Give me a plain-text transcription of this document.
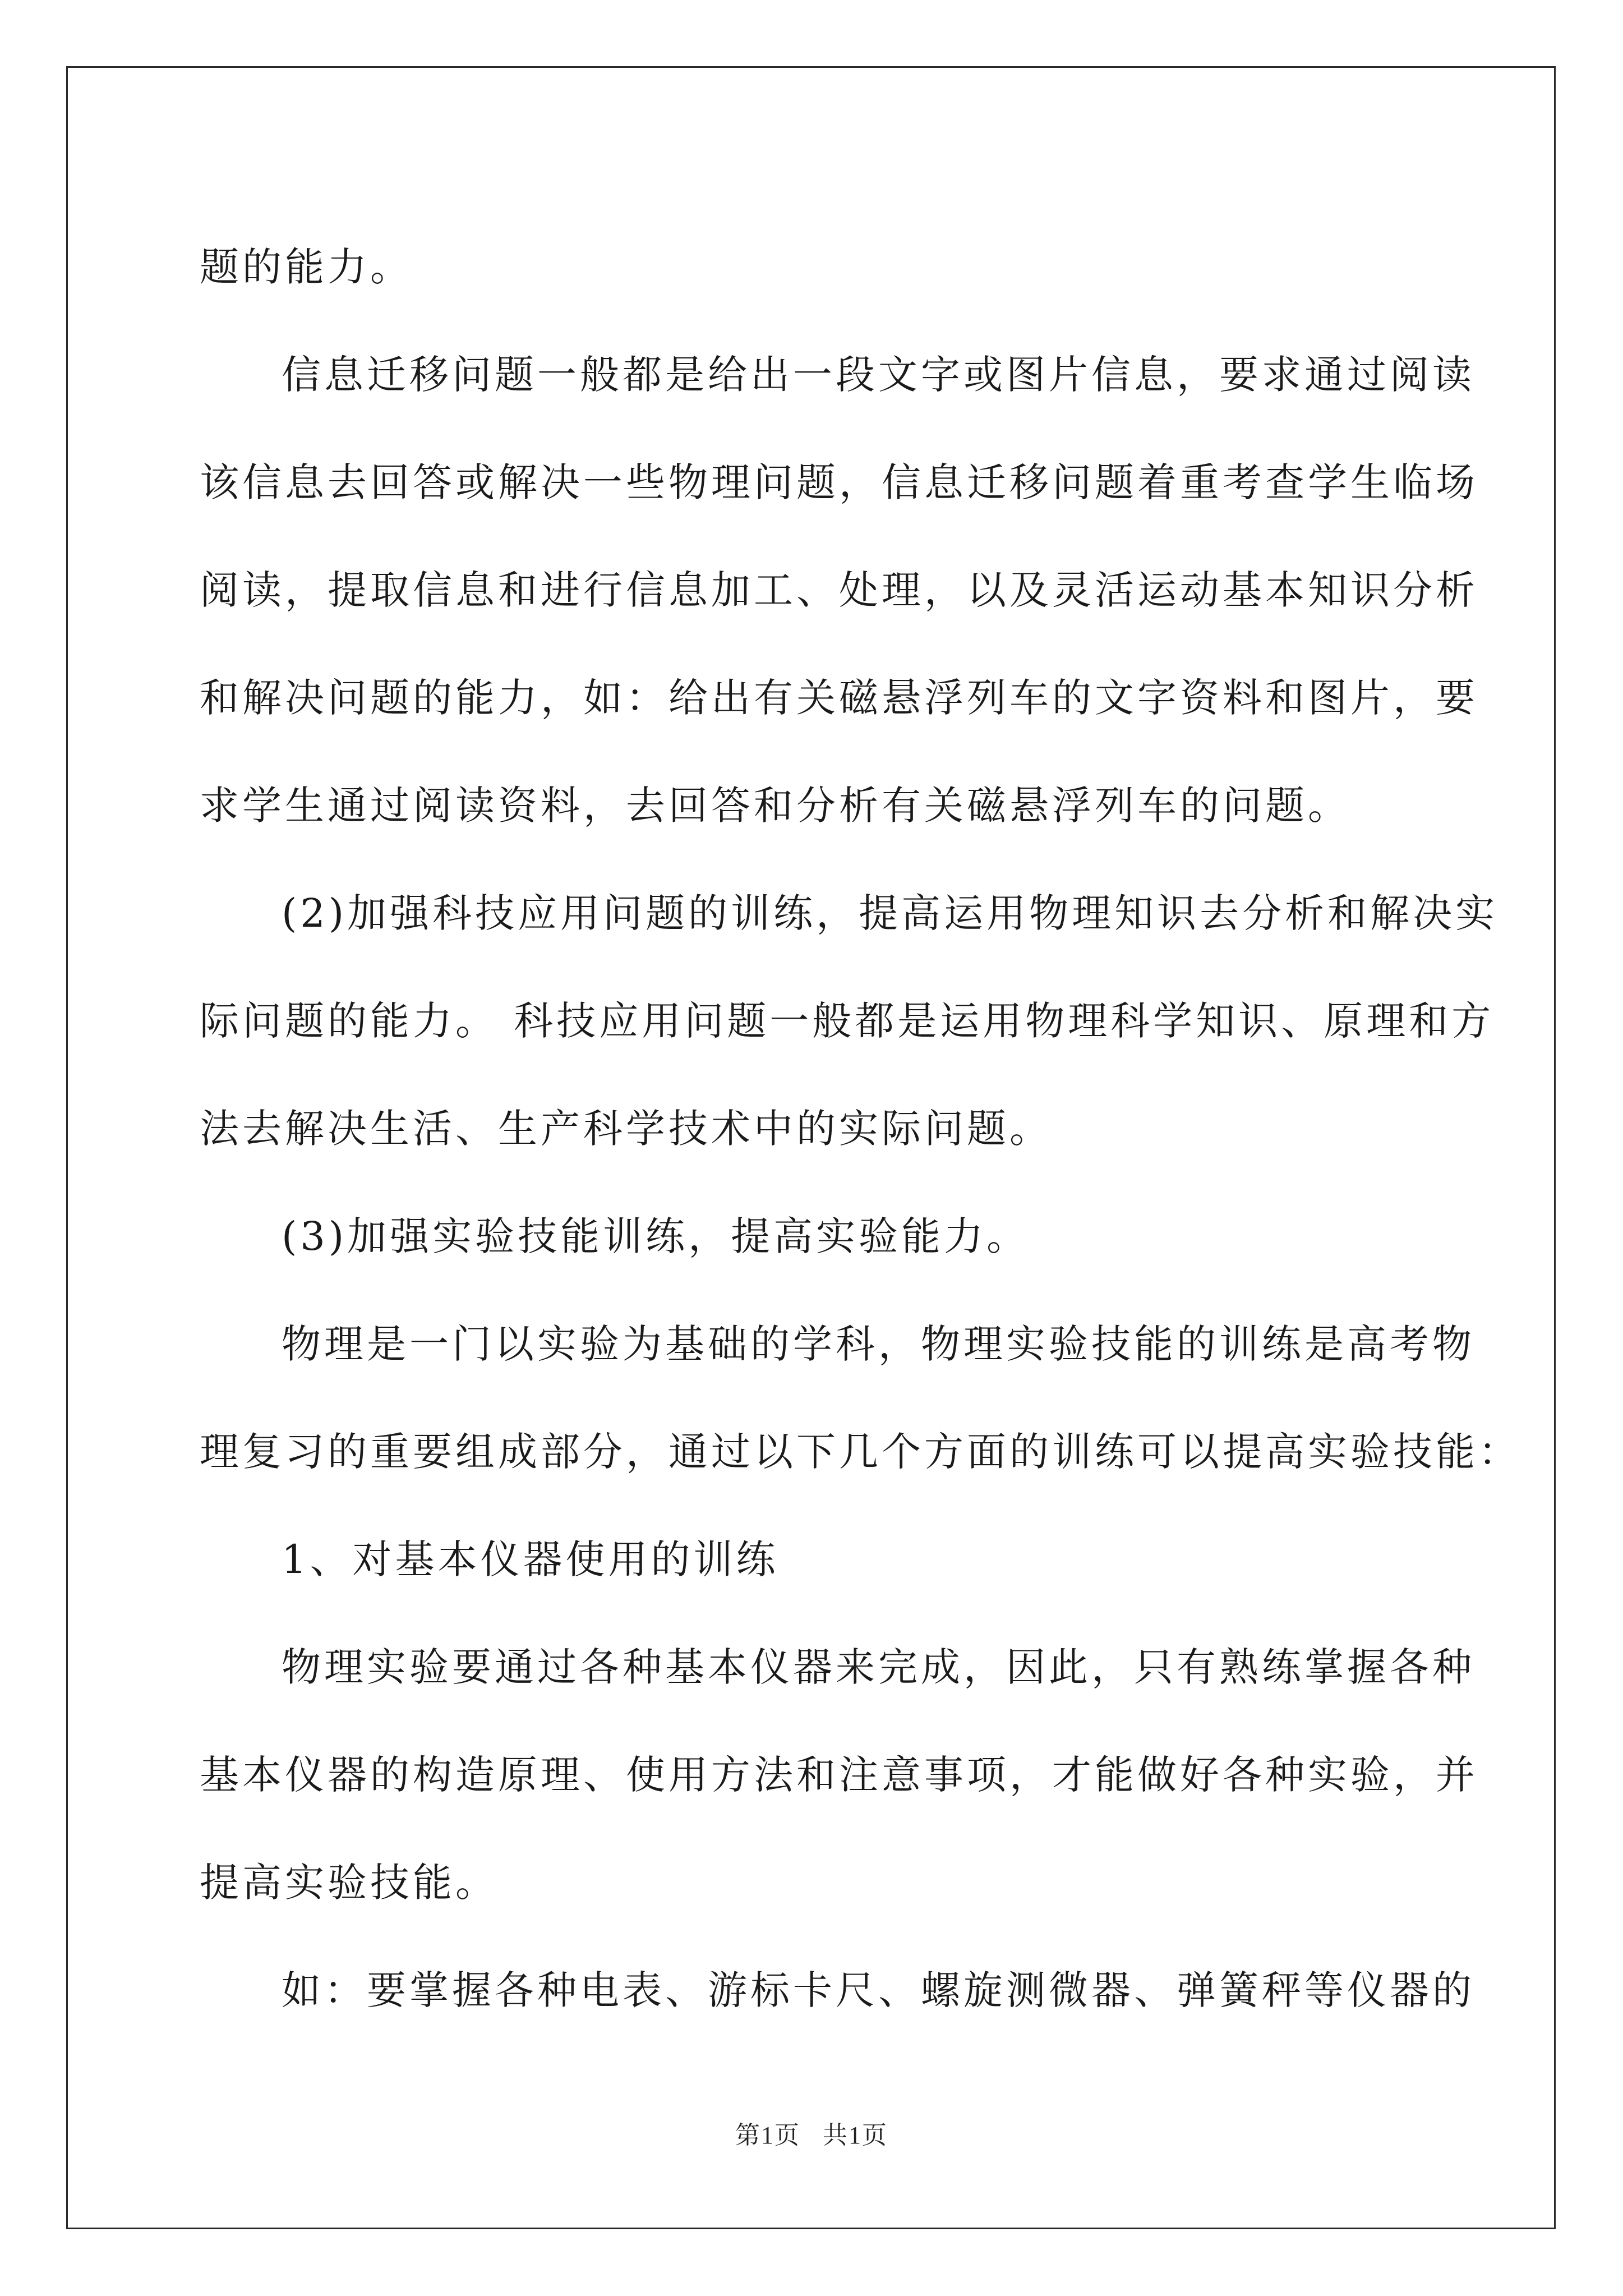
题的能力。
信息迁移问题一般都是给出一段文字或图片信息，要求通过阅读
该信息去回答或解决一些物理问题，信息迁移问题着重考查学生临场
阅读，提取信息和进行信息加工、处理，以及灵活运动基本知识分析
和解决问题的能力，如：给出有关磁悬浮列车的文字资料和图片，要
求学生通过阅读资料，去回答和分析有关磁悬浮列车的问题。
(2)加强科技应用问题的训练，提高运用物理知识去分析和解决实
际问题的能力。 科技应用问题一般都是运用物理科学知识、原理和方
法去解决生活、生产科学技术中的实际问题。
(3)加强实验技能训练，提高实验能力。
物理是一门以实验为基础的学科，物理实验技能的训练是高考物
理复习的重要组成部分，通过以下几个方面的训练可以提高实验技能：
1、对基本仪器使用的训练
物理实验要通过各种基本仪器来完成，因此，只有熟练掌握各种
基本仪器的构造原理、使用方法和注意事项，才能做好各种实验，并
提高实验技能。
如：要掌握各种电表、游标卡尺、螺旋测微器、弹簧秤等仪器的
第1页 共1页
